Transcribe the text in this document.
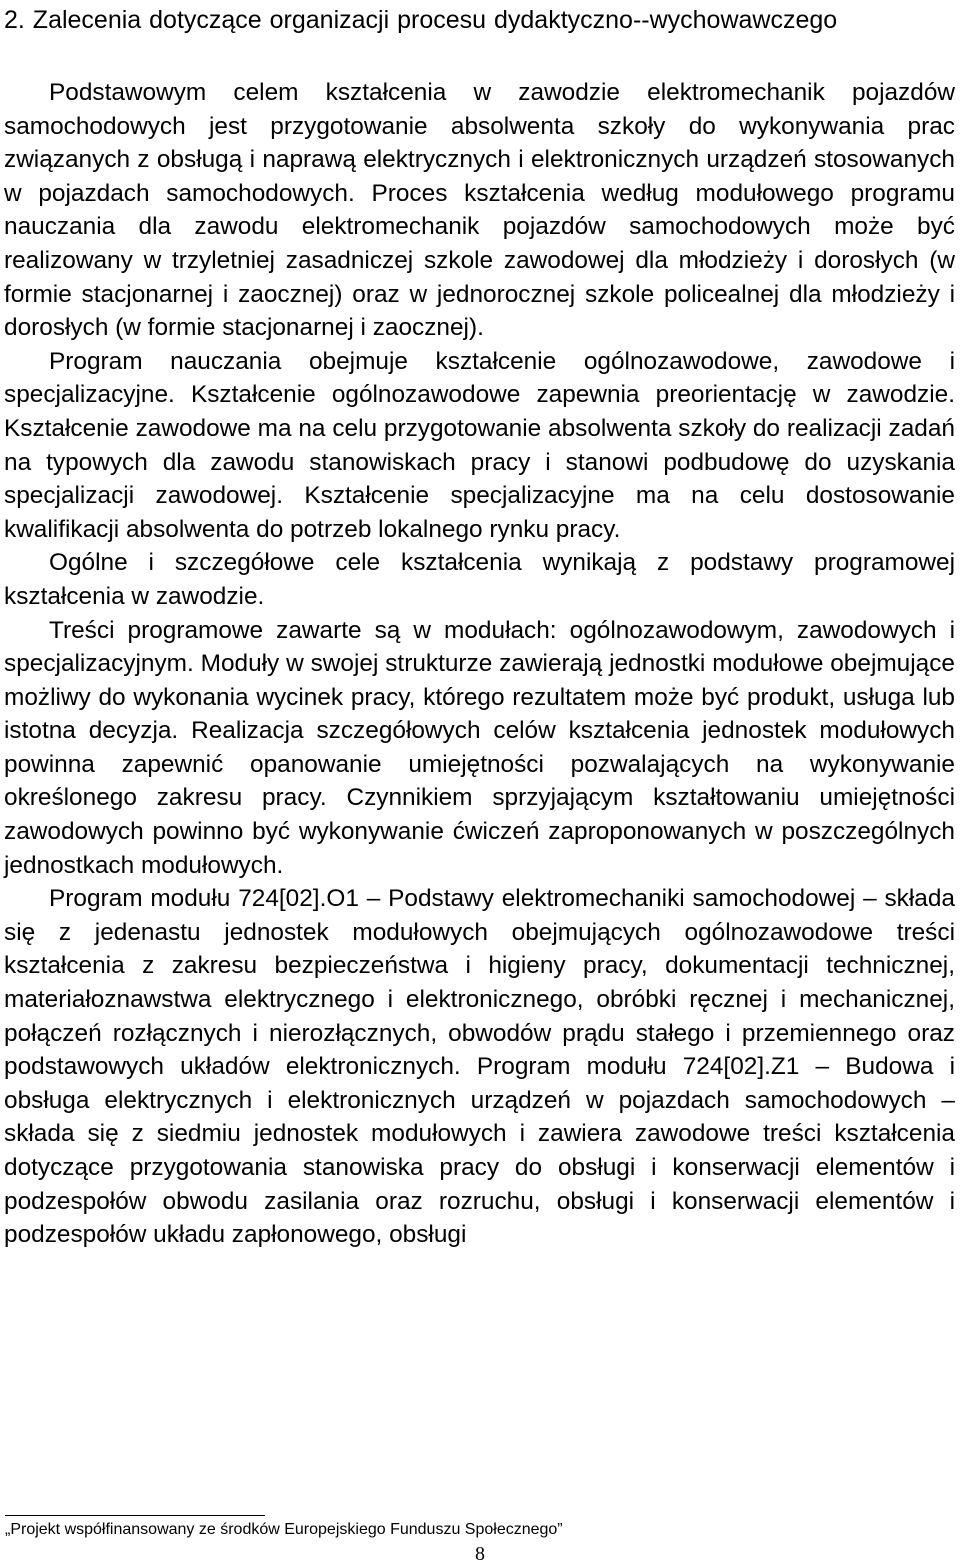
2. Zalecenia dotyczące organizacji procesu dydaktyczno--wychowawczego

Podstawowym celem kształcenia w zawodzie elektromechanik pojazdów samochodowych jest przygotowanie absolwenta szkoły do wykonywania prac związanych z obsługą i naprawą elektrycznych i elektronicznych urządzeń stosowanych w pojazdach samochodowych. Proces kształcenia według modułowego programu nauczania dla zawodu elektromechanik pojazdów samochodowych może być realizowany w trzyletniej zasadniczej szkole zawodowej dla młodzieży i dorosłych (w formie stacjonarnej i zaocznej) oraz w jednorocznej szkole policealnej dla młodzieży i dorosłych (w formie stacjonarnej i zaocznej).

Program nauczania obejmuje kształcenie ogólnozawodowe, zawodowe i specjalizacyjne. Kształcenie ogólnozawodowe zapewnia preorientację w zawodzie. Kształcenie zawodowe ma na celu przygotowanie absolwenta szkoły do realizacji zadań na typowych dla zawodu stanowiskach pracy i stanowi podbudowę do uzyskania specjalizacji zawodowej. Kształcenie specjalizacyjne ma na celu dostosowanie kwalifikacji absolwenta do potrzeb lokalnego rynku pracy.

Ogólne i szczegółowe cele kształcenia wynikają z podstawy programowej kształcenia w zawodzie.

Treści programowe zawarte są w modułach: ogólnozawodowym, zawodowych i specjalizacyjnym. Moduły w swojej strukturze zawierają jednostki modułowe obejmujące możliwy do wykonania wycinek pracy, którego rezultatem może być produkt, usługa lub istotna decyzja. Realizacja szczegółowych celów kształcenia jednostek modułowych powinna zapewnić opanowanie umiejętności pozwalających na wykonywanie określonego zakresu pracy. Czynnikiem sprzyjającym kształtowaniu umiejętności zawodowych powinno być wykonywanie ćwiczeń zaproponowanych w poszczególnych jednostkach modułowych.

Program modułu 724[02].O1 – Podstawy elektromechaniki samochodowej – składa się z jedenastu jednostek modułowych obejmujących ogólnozawodowe treści kształcenia z zakresu bezpieczeństwa i higieny pracy, dokumentacji technicznej, materiałoznawstwa elektrycznego i elektronicznego, obróbki ręcznej i mechanicznej, połączeń rozłącznych i nierozłącznych, obwodów prądu stałego i przemiennego oraz podstawowych układów elektronicznych. Program modułu 724[02].Z1 – Budowa i obsługa elektrycznych i elektronicznych urządzeń w pojazdach samochodowych – składa się z siedmiu jednostek modułowych i zawiera zawodowe treści kształcenia dotyczące przygotowania stanowiska pracy do obsługi i konserwacji elementów i podzespołów obwodu zasilania oraz rozruchu, obsługi i konserwacji elementów i podzespołów układu zapłonowego, obsługi

„Projekt współfinansowany ze środków Europejskiego Funduszu Społecznego”
8
